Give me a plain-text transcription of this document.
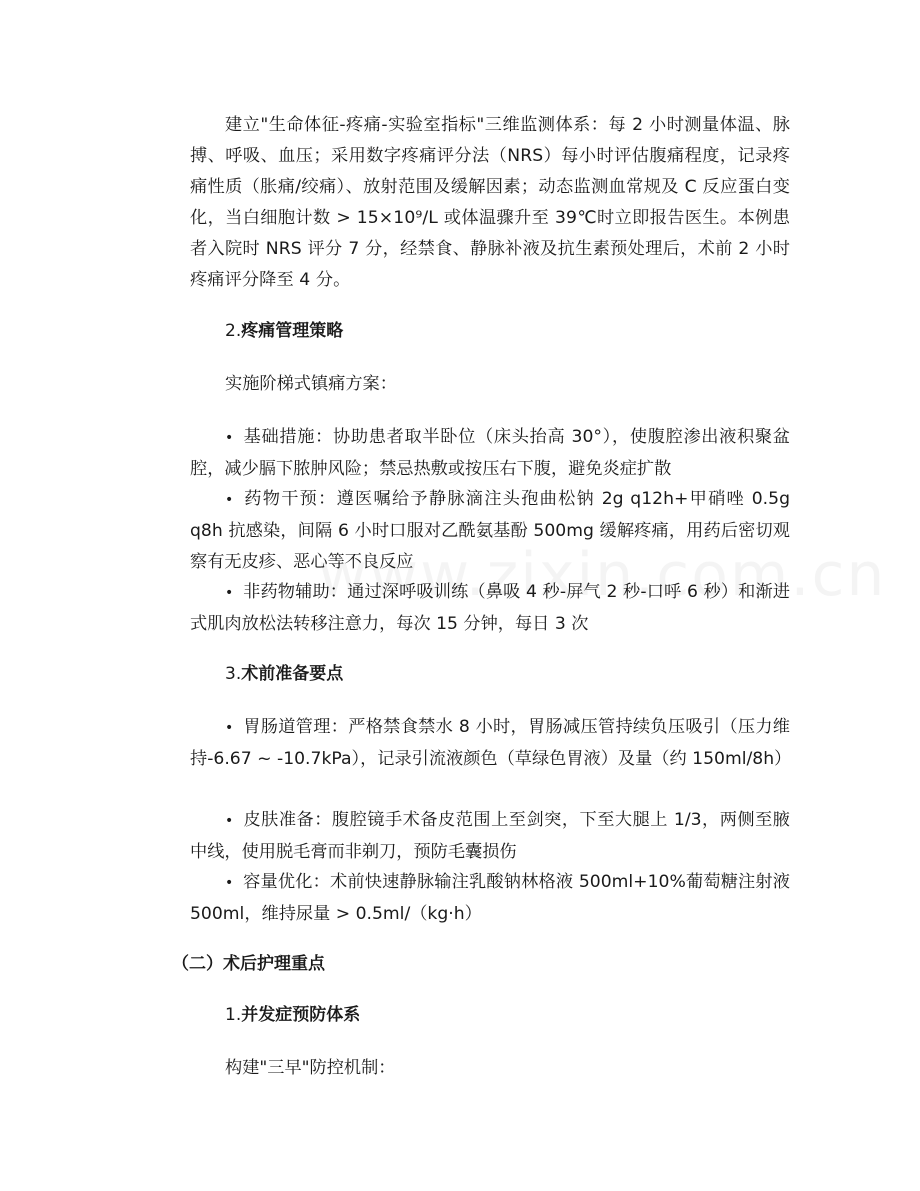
建立"生命体征-疼痛-实验室指标"三维监测体系：每 2 小时测量体温、脉搏、呼吸、血压；采用数字疼痛评分法（NRS）每小时评估腹痛程度，记录疼痛性质（胀痛/绞痛）、放射范围及缓解因素；动态监测血常规及 C 反应蛋白变化，当白细胞计数 > 15×10⁹/L 或体温骤升至 39℃时立即报告医生。本例患者入院时 NRS 评分 7 分，经禁食、静脉补液及抗生素预处理后，术前 2 小时疼痛评分降至 4 分。

2.疼痛管理策略

实施阶梯式镇痛方案：

• 基础措施：协助患者取半卧位（床头抬高 30°），使腹腔渗出液积聚盆腔，减少膈下脓肿风险；禁忌热敷或按压右下腹，避免炎症扩散

• 药物干预：遵医嘱给予静脉滴注头孢曲松钠 2g q12h+甲硝唑 0.5g q8h 抗感染，间隔 6 小时口服对乙酰氨基酚 500mg 缓解疼痛，用药后密切观察有无皮疹、恶心等不良反应

• 非药物辅助：通过深呼吸训练（鼻吸 4 秒-屏气 2 秒-口呼 6 秒）和渐进式肌肉放松法转移注意力，每次 15 分钟，每日 3 次

3.术前准备要点

• 胃肠道管理：严格禁食禁水 8 小时，胃肠减压管持续负压吸引（压力维持-6.67 ~ -10.7kPa），记录引流液颜色（草绿色胃液）及量（约 150ml/8h）

• 皮肤准备：腹腔镜手术备皮范围上至剑突，下至大腿上 1/3，两侧至腋中线，使用脱毛膏而非剃刀，预防毛囊损伤

• 容量优化：术前快速静脉输注乳酸钠林格液 500ml+10%葡萄糖注射液 500ml，维持尿量 > 0.5ml/（kg·h）

（二）术后护理重点

1.并发症预防体系

构建"三早"防控机制：
